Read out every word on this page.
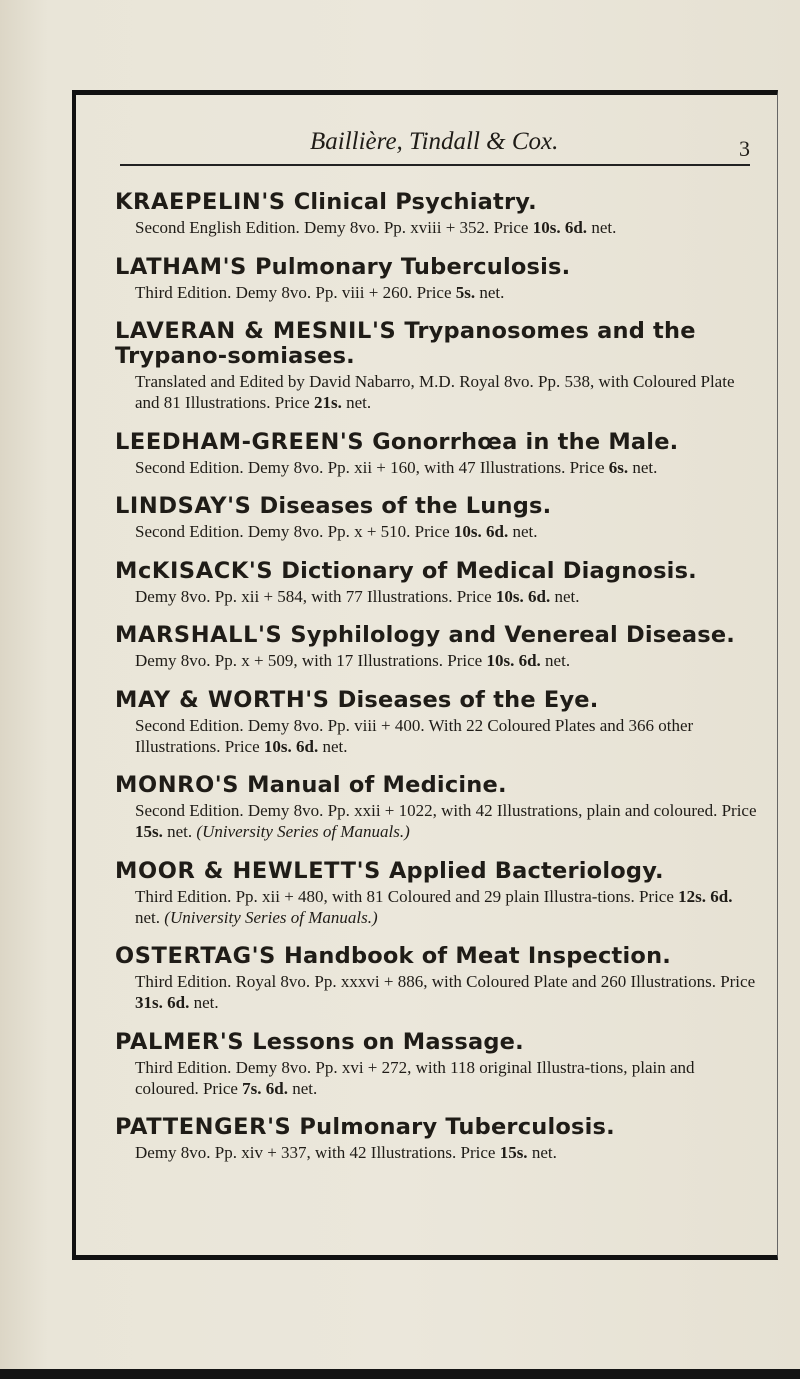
Baillière, Tindall & Cox.	3
KRAEPELIN'S Clinical Psychiatry.
Second English Edition. Demy 8vo. Pp. xviii + 352. Price 10s. 6d. net.
LATHAM'S Pulmonary Tuberculosis.
Third Edition. Demy 8vo. Pp. viii + 260. Price 5s. net.
LAVERAN & MESNIL'S Trypanosomes and the Trypano-somiases.
Translated and Edited by David Nabarro, M.D. Royal 8vo. Pp. 538, with Coloured Plate and 81 Illustrations. Price 21s. net.
LEEDHAM-GREEN'S Gonorrhœa in the Male.
Second Edition. Demy 8vo. Pp. xii + 160, with 47 Illustrations. Price 6s. net.
LINDSAY'S Diseases of the Lungs.
Second Edition. Demy 8vo. Pp. x + 510. Price 10s. 6d. net.
McKISACK'S Dictionary of Medical Diagnosis.
Demy 8vo. Pp. xii + 584, with 77 Illustrations. Price 10s. 6d. net.
MARSHALL'S Syphilology and Venereal Disease.
Demy 8vo. Pp. x + 509, with 17 Illustrations. Price 10s. 6d. net.
MAY & WORTH'S Diseases of the Eye.
Second Edition. Demy 8vo. Pp. viii + 400. With 22 Coloured Plates and 366 other Illustrations. Price 10s. 6d. net.
MONRO'S Manual of Medicine.
Second Edition. Demy 8vo. Pp. xxii + 1022, with 42 Illustrations, plain and coloured. Price 15s. net. (University Series of Manuals.)
MOOR & HEWLETT'S Applied Bacteriology.
Third Edition. Pp. xii + 480, with 81 Coloured and 29 plain Illustra-tions. Price 12s. 6d. net. (University Series of Manuals.)
OSTERTAG'S Handbook of Meat Inspection.
Third Edition. Royal 8vo. Pp. xxxvi + 886, with Coloured Plate and 260 Illustrations. Price 31s. 6d. net.
PALMER'S Lessons on Massage.
Third Edition. Demy 8vo. Pp. xvi + 272, with 118 original Illustra-tions, plain and coloured. Price 7s. 6d. net.
PATTENGER'S Pulmonary Tuberculosis.
Demy 8vo. Pp. xiv + 337, with 42 Illustrations. Price 15s. net.
